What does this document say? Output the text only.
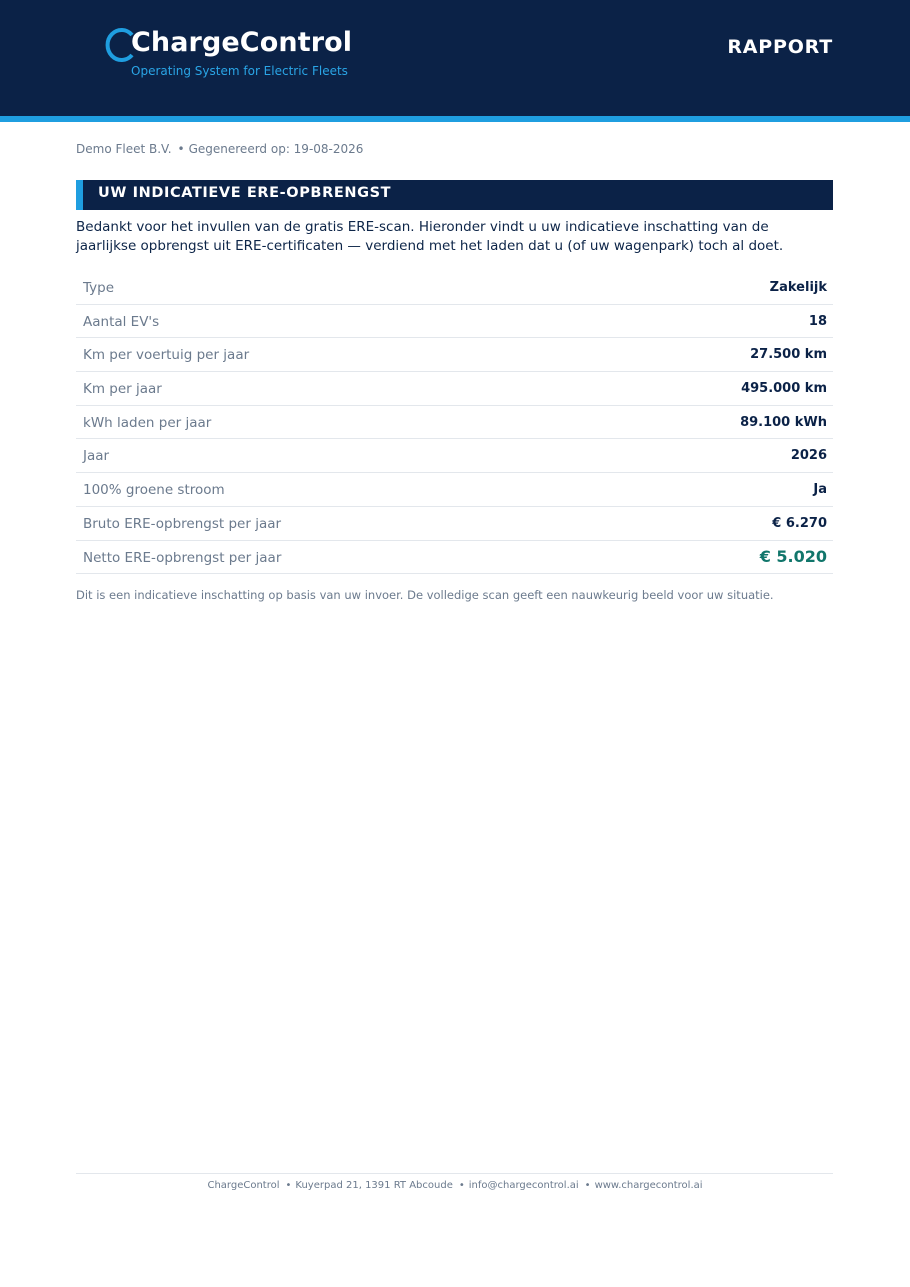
ChargeControl
Operating System for Electric Fleets
RAPPORT
Demo Fleet B.V. • Gegenereerd op: 19-08-2026
UW INDICATIEVE ERE-OPBRENGST

Bedankt voor het invullen van de gratis ERE-scan. Hieronder vindt u uw indicatieve inschatting van de jaarlijkse opbrengst uit ERE-certificaten — verdiend met het laden dat u (of uw wagenpark) toch al doet.

Type	Zakelijk
Aantal EV's	18
Km per voertuig per jaar	27.500 km
Km per jaar	495.000 km
kWh laden per jaar	89.100 kWh
Jaar	2026
100% groene stroom	Ja
Bruto ERE-opbrengst per jaar	€ 6.270
Netto ERE-opbrengst per jaar	€ 5.020

Dit is een indicatieve inschatting op basis van uw invoer. De volledige scan geeft een nauwkeurig beeld voor uw situatie.

ChargeControl • Kuyerpad 21, 1391 RT Abcoude • info@chargecontrol.ai • www.chargecontrol.ai
